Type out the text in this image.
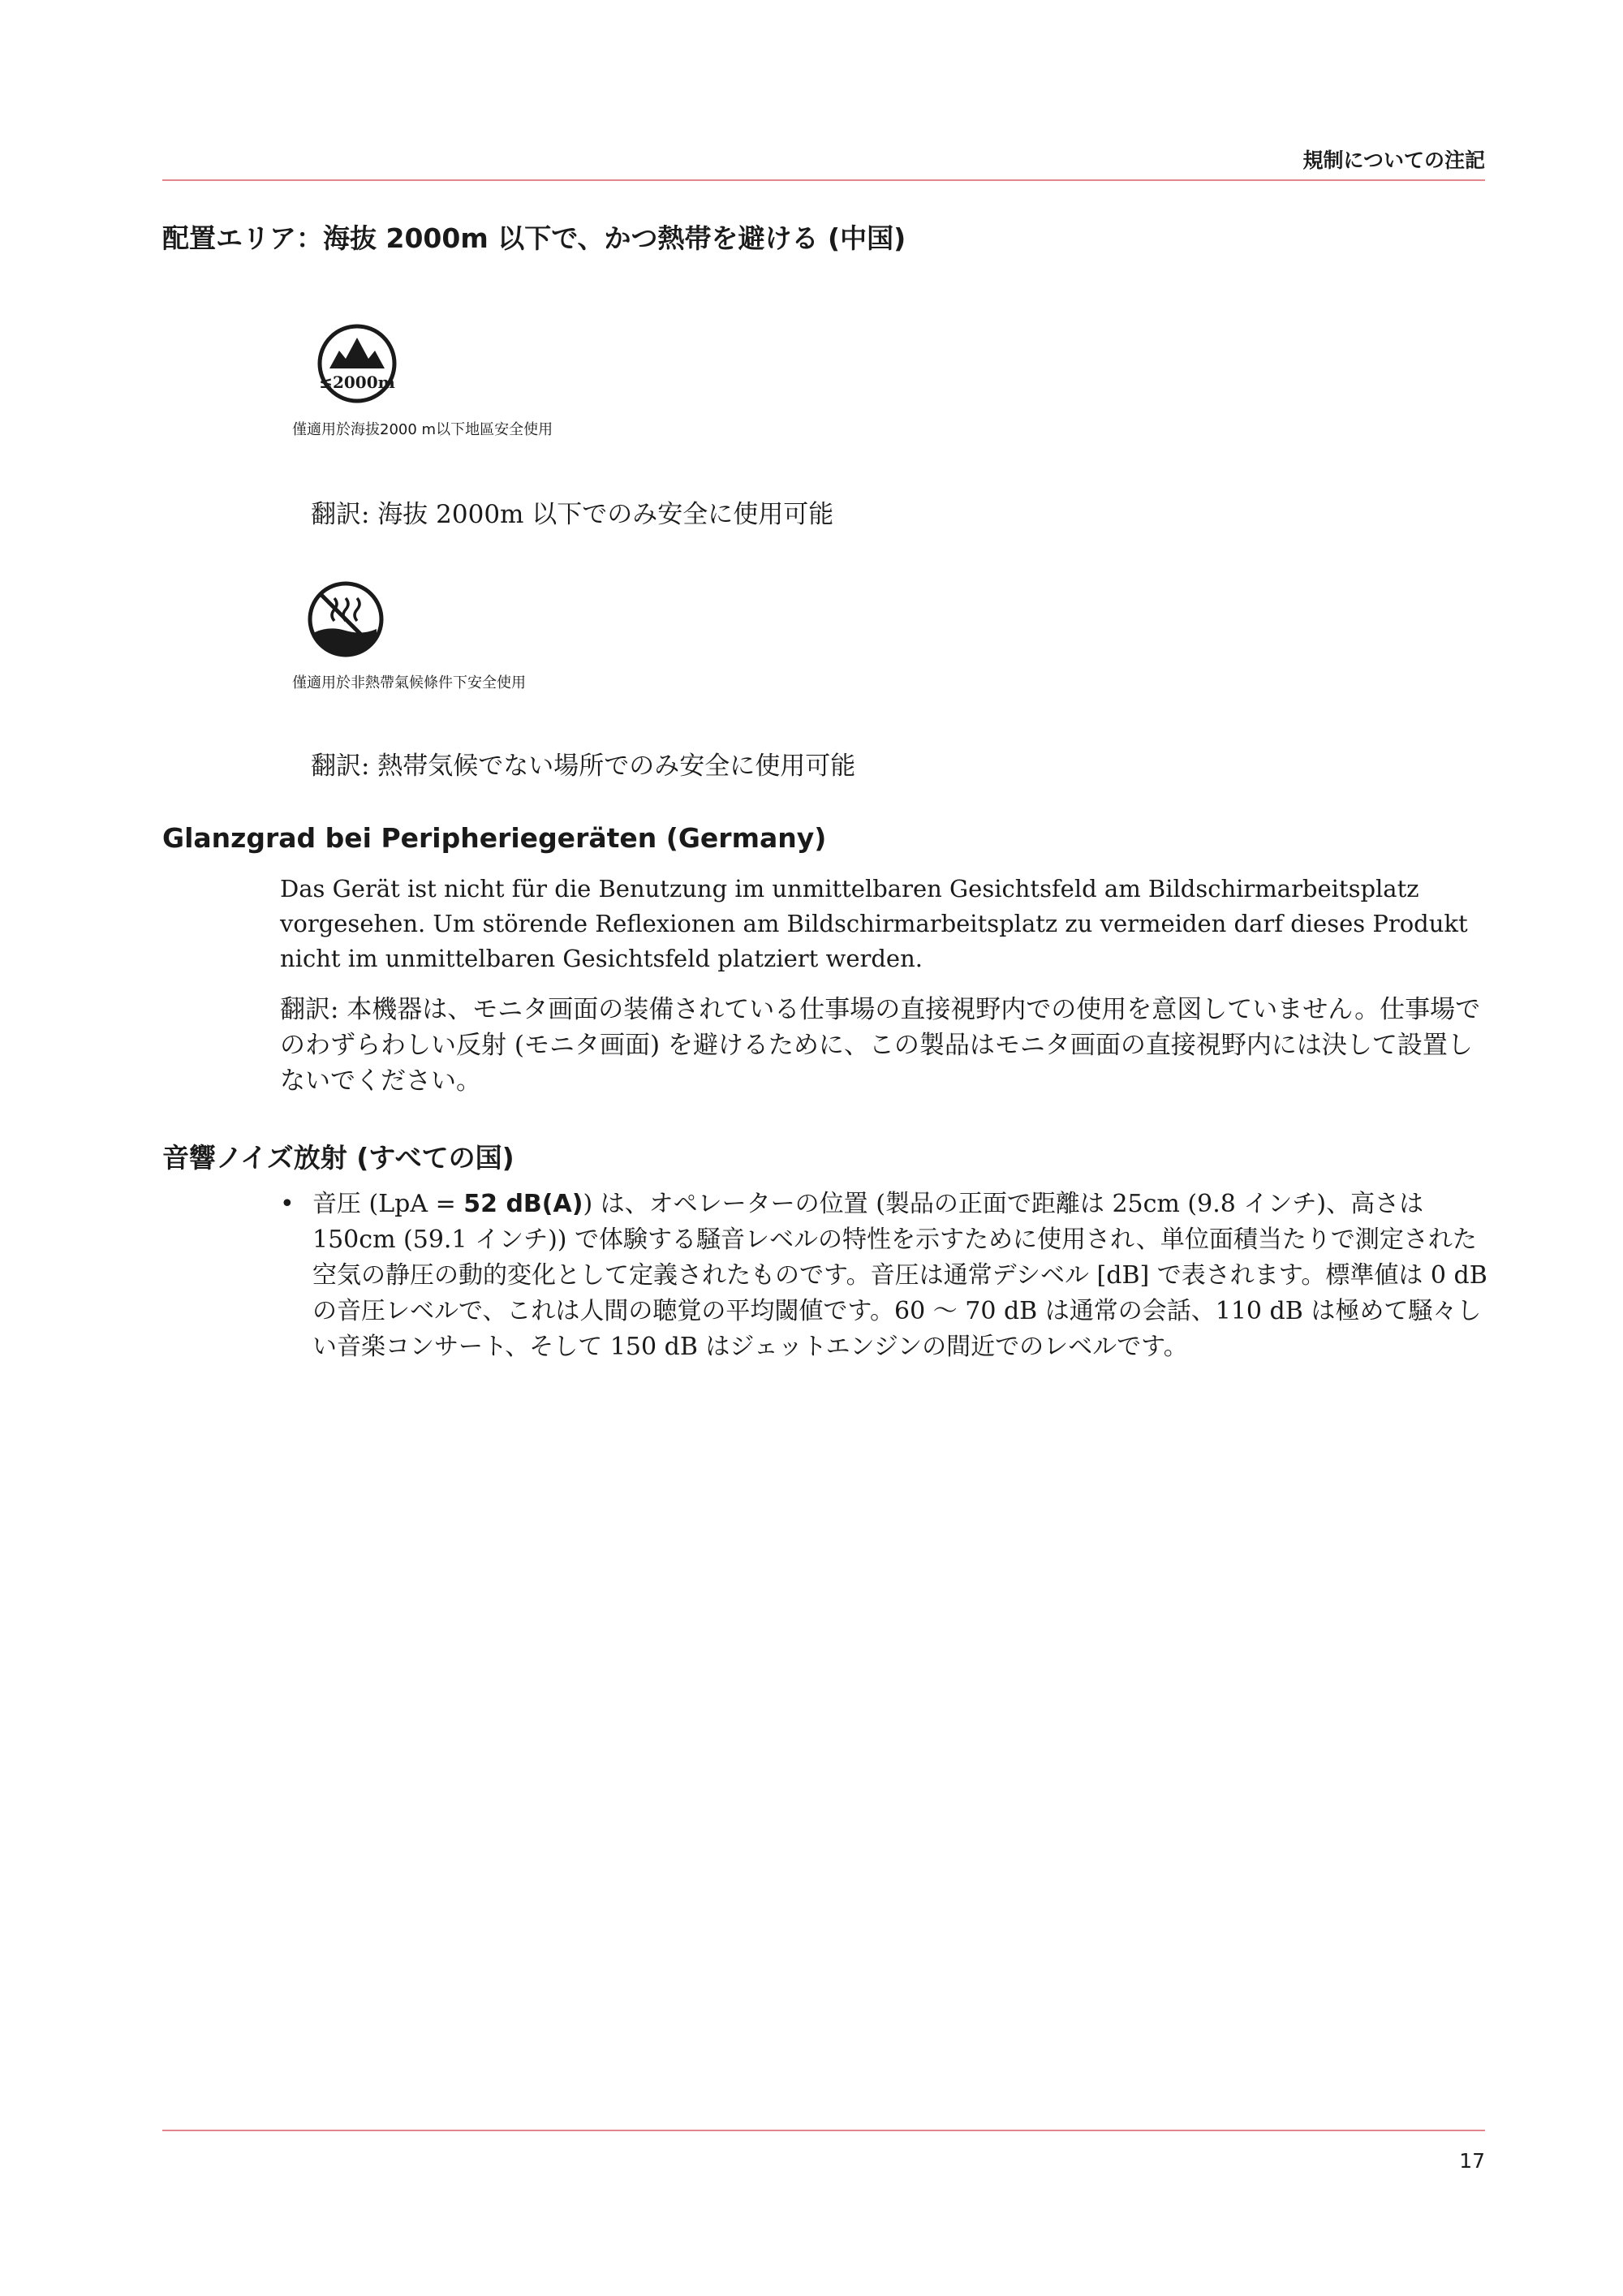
規制についての注記
配置エリア：海抜 2000m 以下で、かつ熱帯を避ける (中国)
≤2000m
僅適用於海拔2000 m以下地區安全使用
翻訳: 海抜 2000m 以下でのみ安全に使用可能
僅適用於非熱帶氣候條件下安全使用
翻訳: 熱帯気候でない場所でのみ安全に使用可能
Glanzgrad bei Peripheriegeräten (Germany)
Das Gerät ist nicht für die Benutzung im unmittelbaren Gesichtsfeld am Bildschirmarbeitsplatz vorgesehen. Um störende Reflexionen am Bildschirmarbeitsplatz zu vermeiden darf dieses Produkt nicht im unmittelbaren Gesichtsfeld platziert werden.
翻訳: 本機器は、モニタ画面の装備されている仕事場の直接視野内での使用を意図していません。仕事場でのわずらわしい反射 (モニタ画面) を避けるために、この製品はモニタ画面の直接視野内には決して設置しないでください。
音響ノイズ放射 (すべての国)
• 音圧 (LpA = 52 dB(A)) は、オペレーターの位置 (製品の正面で距離は 25cm (9.8 インチ)、高さは 150cm (59.1 インチ)) で体験する騒音レベルの特性を示すために使用され、単位面積当たりで測定された空気の静圧の動的変化として定義されたものです。音圧は通常デシベル [dB] で表されます。標準値は 0 dB の音圧レベルで、これは人間の聴覚の平均閾値です。60 〜 70 dB は通常の会話、110 dB は極めて騒々しい音楽コンサート、そして 150 dB はジェットエンジンの間近でのレベルです。
17
